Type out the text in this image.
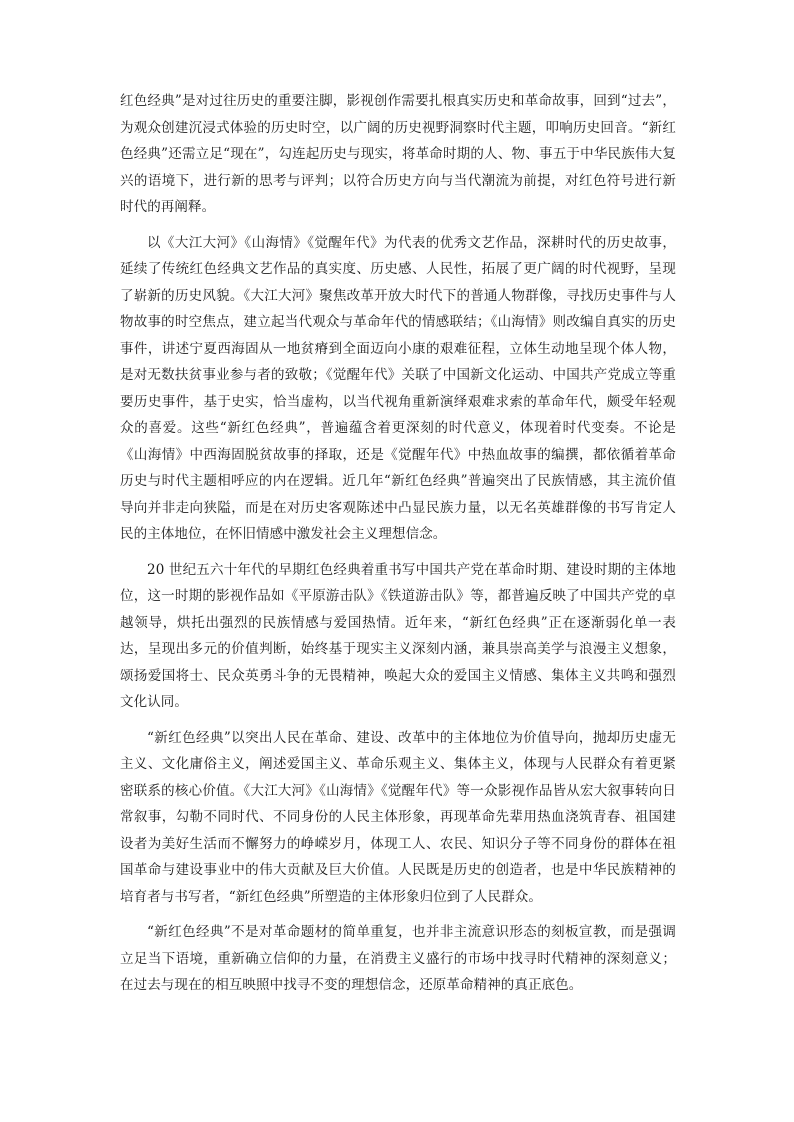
红色经典”是对过往历史的重要注脚，影视创作需要扎根真实历史和革命故事，回到“过去”，为观众创建沉浸式体验的历史时空，以广阔的历史视野洞察时代主题，叩响历史回音。“新红色经典”还需立足“现在”，勾连起历史与现实，将革命时期的人、物、事五于中华民族伟大复兴的语境下，进行新的思考与评判；以符合历史方向与当代潮流为前提，对红色符号进行新时代的再阐释。

以《大江大河》《山海情》《觉醒年代》为代表的优秀文艺作品，深耕时代的历史故事，延续了传统红色经典文艺作品的真实度、历史感、人民性，拓展了更广阔的时代视野，呈现了崭新的历史风貌。《大江大河》聚焦改革开放大时代下的普通人物群像，寻找历史事件与人物故事的时空焦点，建立起当代观众与革命年代的情感联结；《山海情》则改编自真实的历史事件，讲述宁夏西海固从一地贫瘠到全面迈向小康的艰难征程，立体生动地呈现个体人物，是对无数扶贫事业参与者的致敬；《觉醒年代》关联了中国新文化运动、中国共产党成立等重要历史事件，基于史实，恰当虚构，以当代视角重新演绎艰难求索的革命年代，颇受年轻观众的喜爱。这些“新红色经典”，普遍蕴含着更深刻的时代意义，体现着时代变奏。不论是《山海情》中西海固脱贫故事的择取，还是《觉醒年代》中热血故事的编撰，都依循着革命历史与时代主题相呼应的内在逻辑。近几年“新红色经典”普遍突出了民族情感，其主流价值导向并非走向狭隘，而是在对历史客观陈述中凸显民族力量，以无名英雄群像的书写肯定人民的主体地位，在怀旧情感中激发社会主义理想信念。

20 世纪五六十年代的早期红色经典着重书写中国共产党在革命时期、建设时期的主体地位，这一时期的影视作品如《平原游击队》《铁道游击队》等，都普遍反映了中国共产党的卓越领导，烘托出强烈的民族情感与爱国热情。近年来，“新红色经典”正在逐渐弱化单一表达，呈现出多元的价值判断，始终基于现实主义深刻内涵，兼具崇高美学与浪漫主义想象，颂扬爱国将士、民众英勇斗争的无畏精神，唤起大众的爱国主义情感、集体主义共鸣和强烈文化认同。

“新红色经典”以突出人民在革命、建设、改革中的主体地位为价值导向，抛却历史虚无主义、文化庸俗主义，阐述爱国主义、革命乐观主义、集体主义，体现与人民群众有着更紧密联系的核心价值。《大江大河》《山海情》《觉醒年代》等一众影视作品皆从宏大叙事转向日常叙事，勾勒不同时代、不同身份的人民主体形象，再现革命先辈用热血浇筑青春、祖国建设者为美好生活而不懈努力的峥嵘岁月，体现工人、农民、知识分子等不同身份的群体在祖国革命与建设事业中的伟大贡献及巨大价值。人民既是历史的创造者，也是中华民族精神的培育者与书写者，“新红色经典”所塑造的主体形象归位到了人民群众。

“新红色经典”不是对革命题材的简单重复，也并非主流意识形态的刻板宣教，而是强调立足当下语境，重新确立信仰的力量，在消费主义盛行的市场中找寻时代精神的深刻意义；在过去与现在的相互映照中找寻不变的理想信念，还原革命精神的真正底色。
